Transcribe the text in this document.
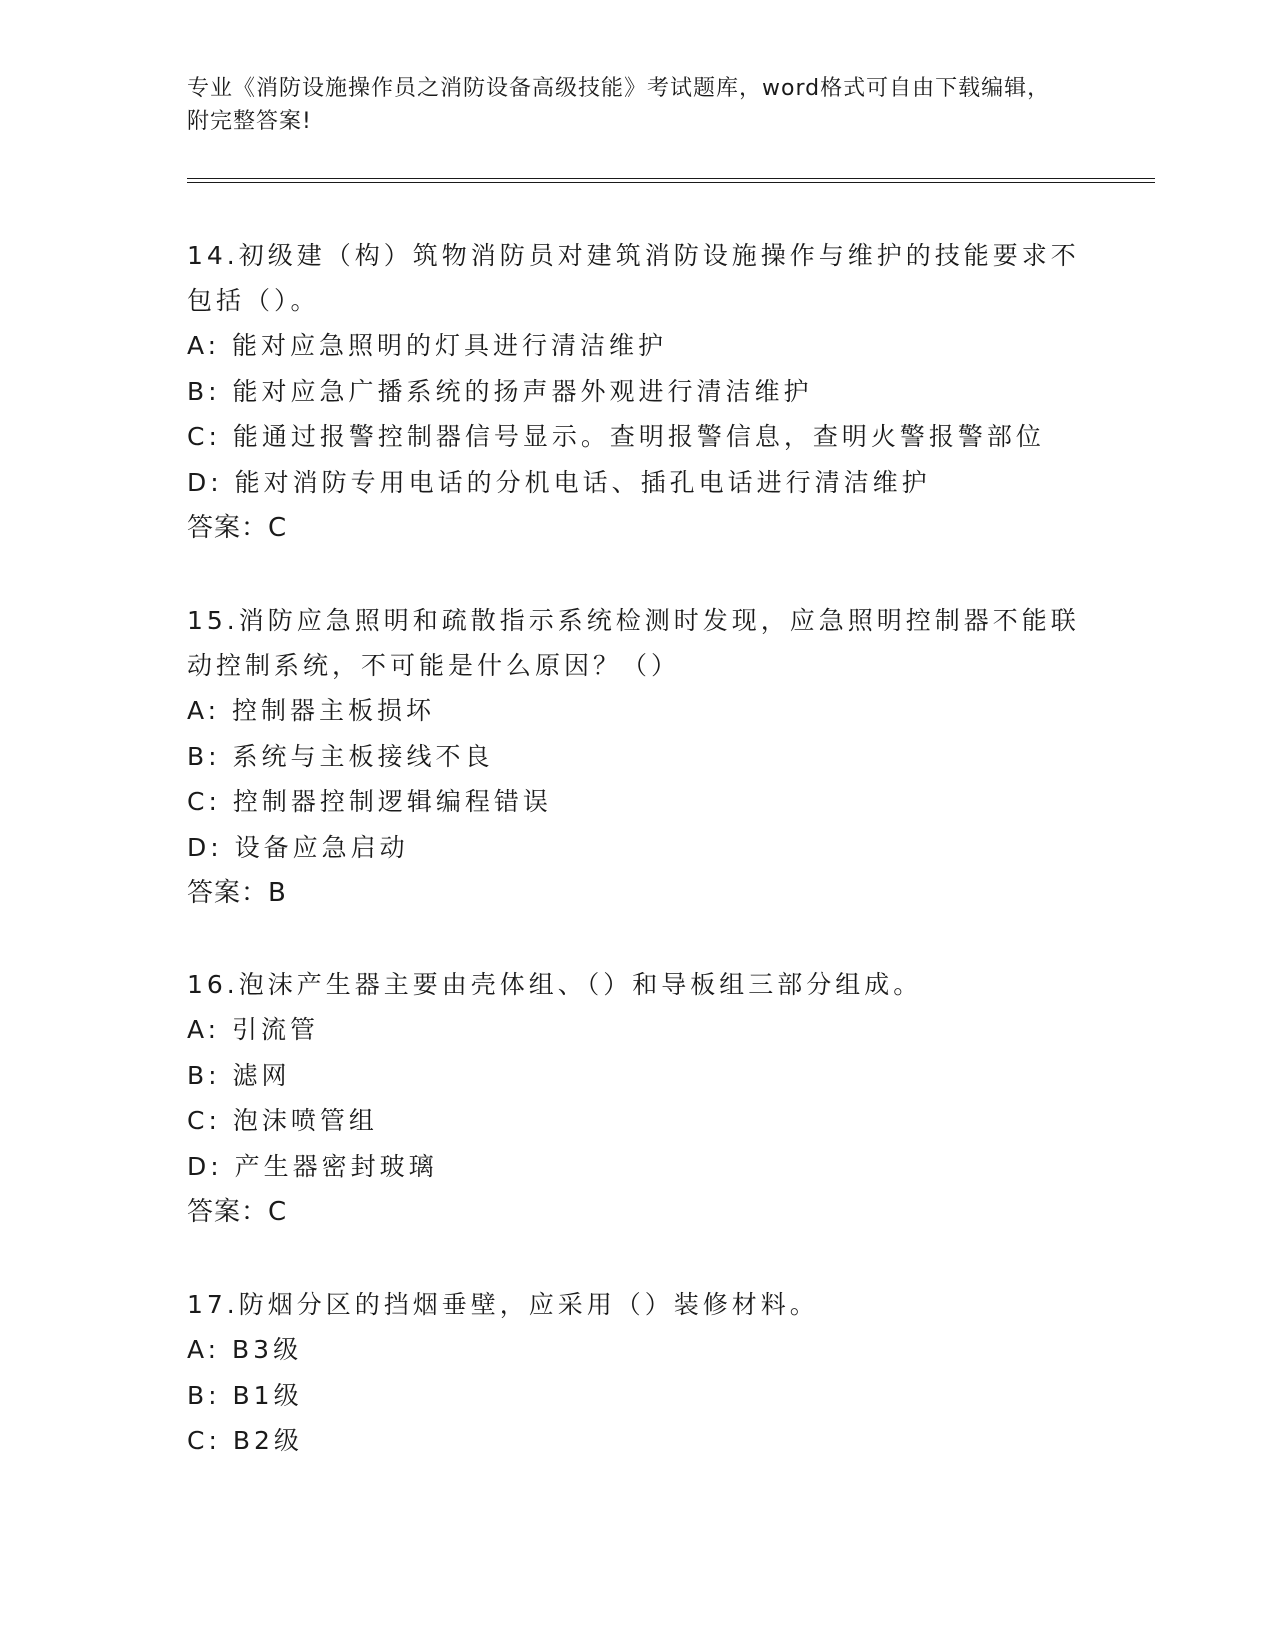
专业《消防设施操作员之消防设备高级技能》考试题库，word格式可自由下载编辑，附完整答案!
14.初级建（构）筑物消防员对建筑消防设施操作与维护的技能要求不包括（）。
A: 能对应急照明的灯具进行清洁维护
B: 能对应急广播系统的扬声器外观进行清洁维护
C: 能通过报警控制器信号显示。查明报警信息，查明火警报警部位
D: 能对消防专用电话的分机电话、插孔电话进行清洁维护
答案：C
15.消防应急照明和疏散指示系统检测时发现，应急照明控制器不能联动控制系统，不可能是什么原因？（）
A: 控制器主板损坏
B: 系统与主板接线不良
C: 控制器控制逻辑编程错误
D: 设备应急启动
答案：B
16.泡沫产生器主要由壳体组、（）和导板组三部分组成。
A: 引流管
B: 滤网
C: 泡沫喷管组
D: 产生器密封玻璃
答案：C
17.防烟分区的挡烟垂壁，应采用（）装修材料。
A: B3级
B: B1级
C: B2级
